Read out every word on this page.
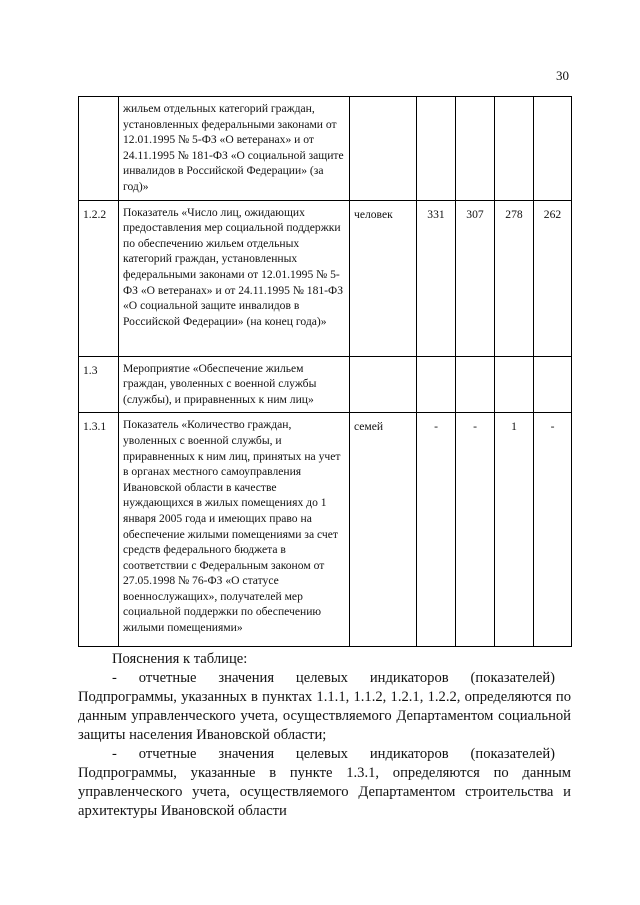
30
	жильем отдельных категорий граждан, установленных федеральными законами от 12.01.1995 № 5-ФЗ «О ветеранах» и от 24.11.1995 № 181-ФЗ «О социальной защите инвалидов в Российской Федерации» (за год)»					
1.2.2	Показатель «Число лиц, ожидающих предоставления мер социальной поддержки по обеспечению жильем отдельных категорий граждан, установленных федеральными законами от 12.01.1995 № 5-ФЗ «О ветеранах» и от 24.11.1995 № 181-ФЗ «О социальной защите инвалидов в Российской Федерации» (на конец года)»	человек	331	307	278	262
1.3	Мероприятие «Обеспечение жильем граждан, уволенных с военной службы (службы), и приравненных к ним лиц»					
1.3.1	Показатель «Количество граждан, уволенных с военной службы, и приравненных к ним лиц, принятых на учет в органах местного самоуправления Ивановской области в качестве нуждающихся в жилых помещениях до 1 января 2005 года и имеющих право на обеспечение жилыми помещениями за счет средств федерального бюджета в соответствии с Федеральным законом от 27.05.1998 № 76-ФЗ «О статусе военнослужащих», получателей мер социальной поддержки по обеспечению жилыми помещениями»	семей	-	-	1	-

Пояснения к таблице:

-      отчетные      значения      целевых      индикаторов      (показателей)

Подпрограммы, указанных в пунктах 1.1.1, 1.1.2, 1.2.1, 1.2.2, определяются по данным управленческого учета, осуществляемого Департаментом социальной защиты населения Ивановской области;

-      отчетные      значения      целевых      индикаторов      (показателей)

Подпрограммы, указанные в пункте 1.3.1, определяются по данным управленческого учета, осуществляемого Департаментом строительства и архитектуры Ивановской области
